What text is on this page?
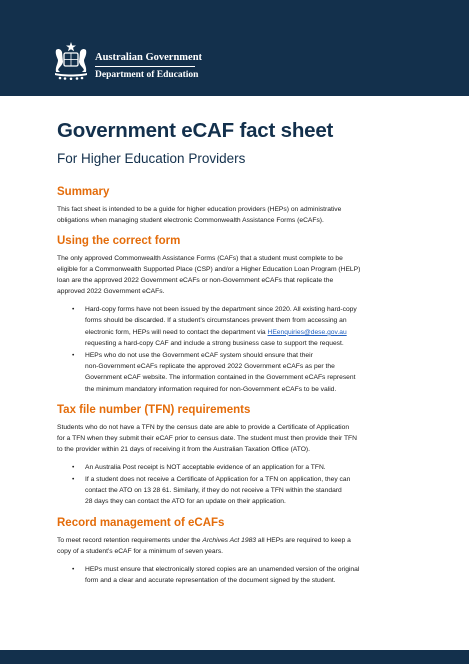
Australian Government
Department of Education
Government eCAF fact sheet

For Higher Education Providers

Summary

This fact sheet is intended to be a guide for higher education providers (HEPs) on administrative

obligations when managing student electronic Commonwealth Assistance Forms (eCAFs).

Using the correct form

The only approved Commonwealth Assistance Forms (CAFs) that a student must complete to be

eligible for a Commonwealth Supported Place (CSP) and/or a Higher Education Loan Program (HELP)

loan are the approved 2022 Government eCAFs or non-Government eCAFs that replicate the

approved 2022 Government eCAFs.

• Hard-copy forms have not been issued by the department since 2020. All existing hard-copy
forms should be discarded. If a student’s circumstances prevent them from accessing an
electronic form, HEPs will need to contact the department via HEenquiries@dese.gov.au
requesting a hard-copy CAF and include a strong business case to support the request.
• HEPs who do not use the Government eCAF system should ensure that their
non-Government eCAFs replicate the approved 2022 Government eCAFs as per the
Government eCAF website. The information contained in the Government eCAFs represent
the minimum mandatory information required for non-Government eCAFs to be valid.
Tax file number (TFN) requirements

Students who do not have a TFN by the census date are able to provide a Certificate of Application

for a TFN when they submit their eCAF prior to census date. The student must then provide their TFN

to the provider within 21 days of receiving it from the Australian Taxation Office (ATO).

• An Australia Post receipt is NOT acceptable evidence of an application for a TFN.
• If a student does not receive a Certificate of Application for a TFN on application, they can
contact the ATO on 13 28 61. Similarly, if they do not receive a TFN within the standard
28 days they can contact the ATO for an update on their application.
Record management of eCAFs

To meet record retention requirements under the Archives Act 1983 all HEPs are required to keep a

copy of a student’s eCAF for a minimum of seven years.

• HEPs must ensure that electronically stored copies are an unamended version of the original
form and a clear and accurate representation of the document signed by the student.
